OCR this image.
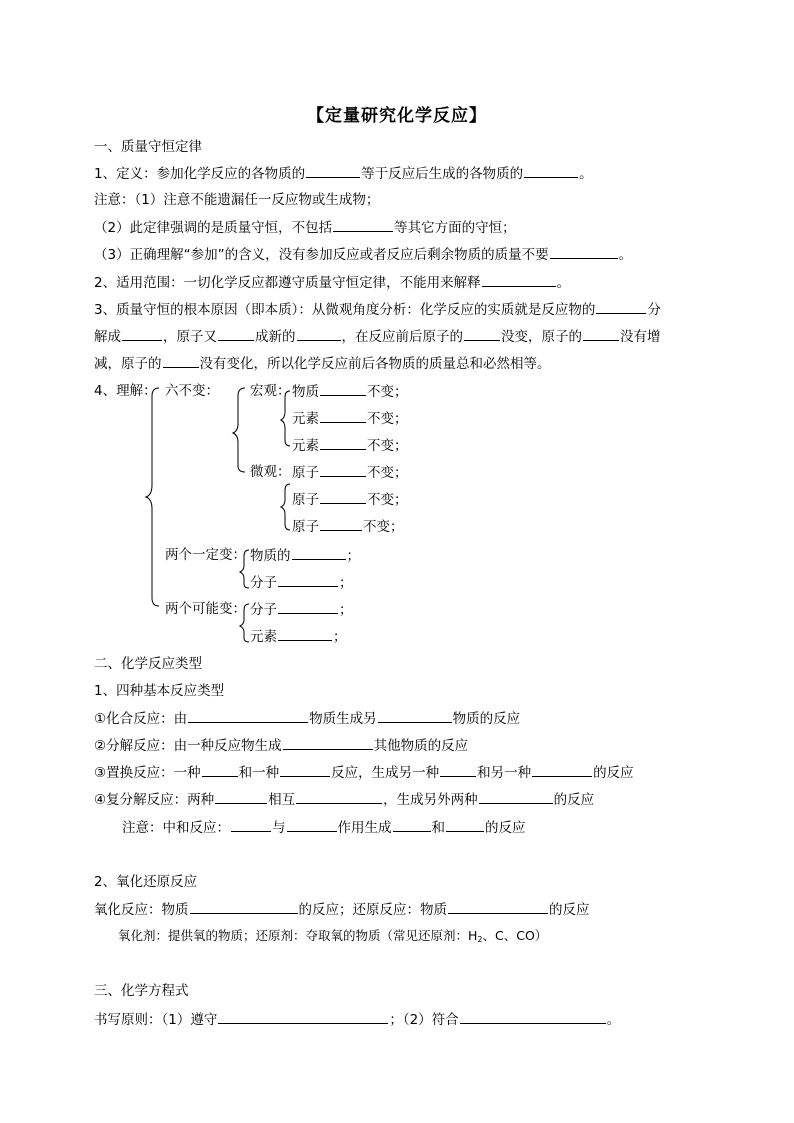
【定量研究化学反应】
一、质量守恒定律
1、定义：参加化学反应的各物质的	等于反应后生成的各物质的	。
注意：（1）注意不能遗漏任一反应物或生成物；
（2）此定律强调的是质量守恒，不包括	等其它方面的守恒；
（3）正确理解“参加”的含义，没有参加反应或者反应后剩余物质的质量不要	。
2、适用范围：一切化学反应都遵守质量守恒定律，不能用来解释	。
3、质量守恒的根本原因（即本质）：从微观角度分析：化学反应的实质就是反应物的	分
解成	，原子又	成新的	，在反应前后原子的	没变，原子的	没有增
减，原子的	没有变化，所以化学反应前后各物质的质量总和必然相等。
4、理解： 六不变： 宏观：
微观：
物质	不变；
元素	不变；
元素	不变；
原子	不变；
原子	不变；
原子	不变；
两个一定变： 物质的	；
分子	；
两个可能变： 分子	；
元素	；
二、化学反应类型
1、四种基本反应类型
①化合反应：由	物质生成另	物质的反应
②分解反应：由一种反应物生成	其他物质的反应
③置换反应：一种	和一种	反应，生成另一种	和另一种	的反应
④复分解反应：两种	相互	，生成另外两种	的反应
注意：中和反应：	与	作用生成	和	的反应
2、氧化还原反应
氧化反应：物质	的反应；还原反应：物质	的反应
氧化剂：提供氧的物质；还原剂：夺取氧的物质（常见还原剂：$H_2$、C、CO）
三、化学方程式
书写原则：（1）遵守	；（2）符合	。
